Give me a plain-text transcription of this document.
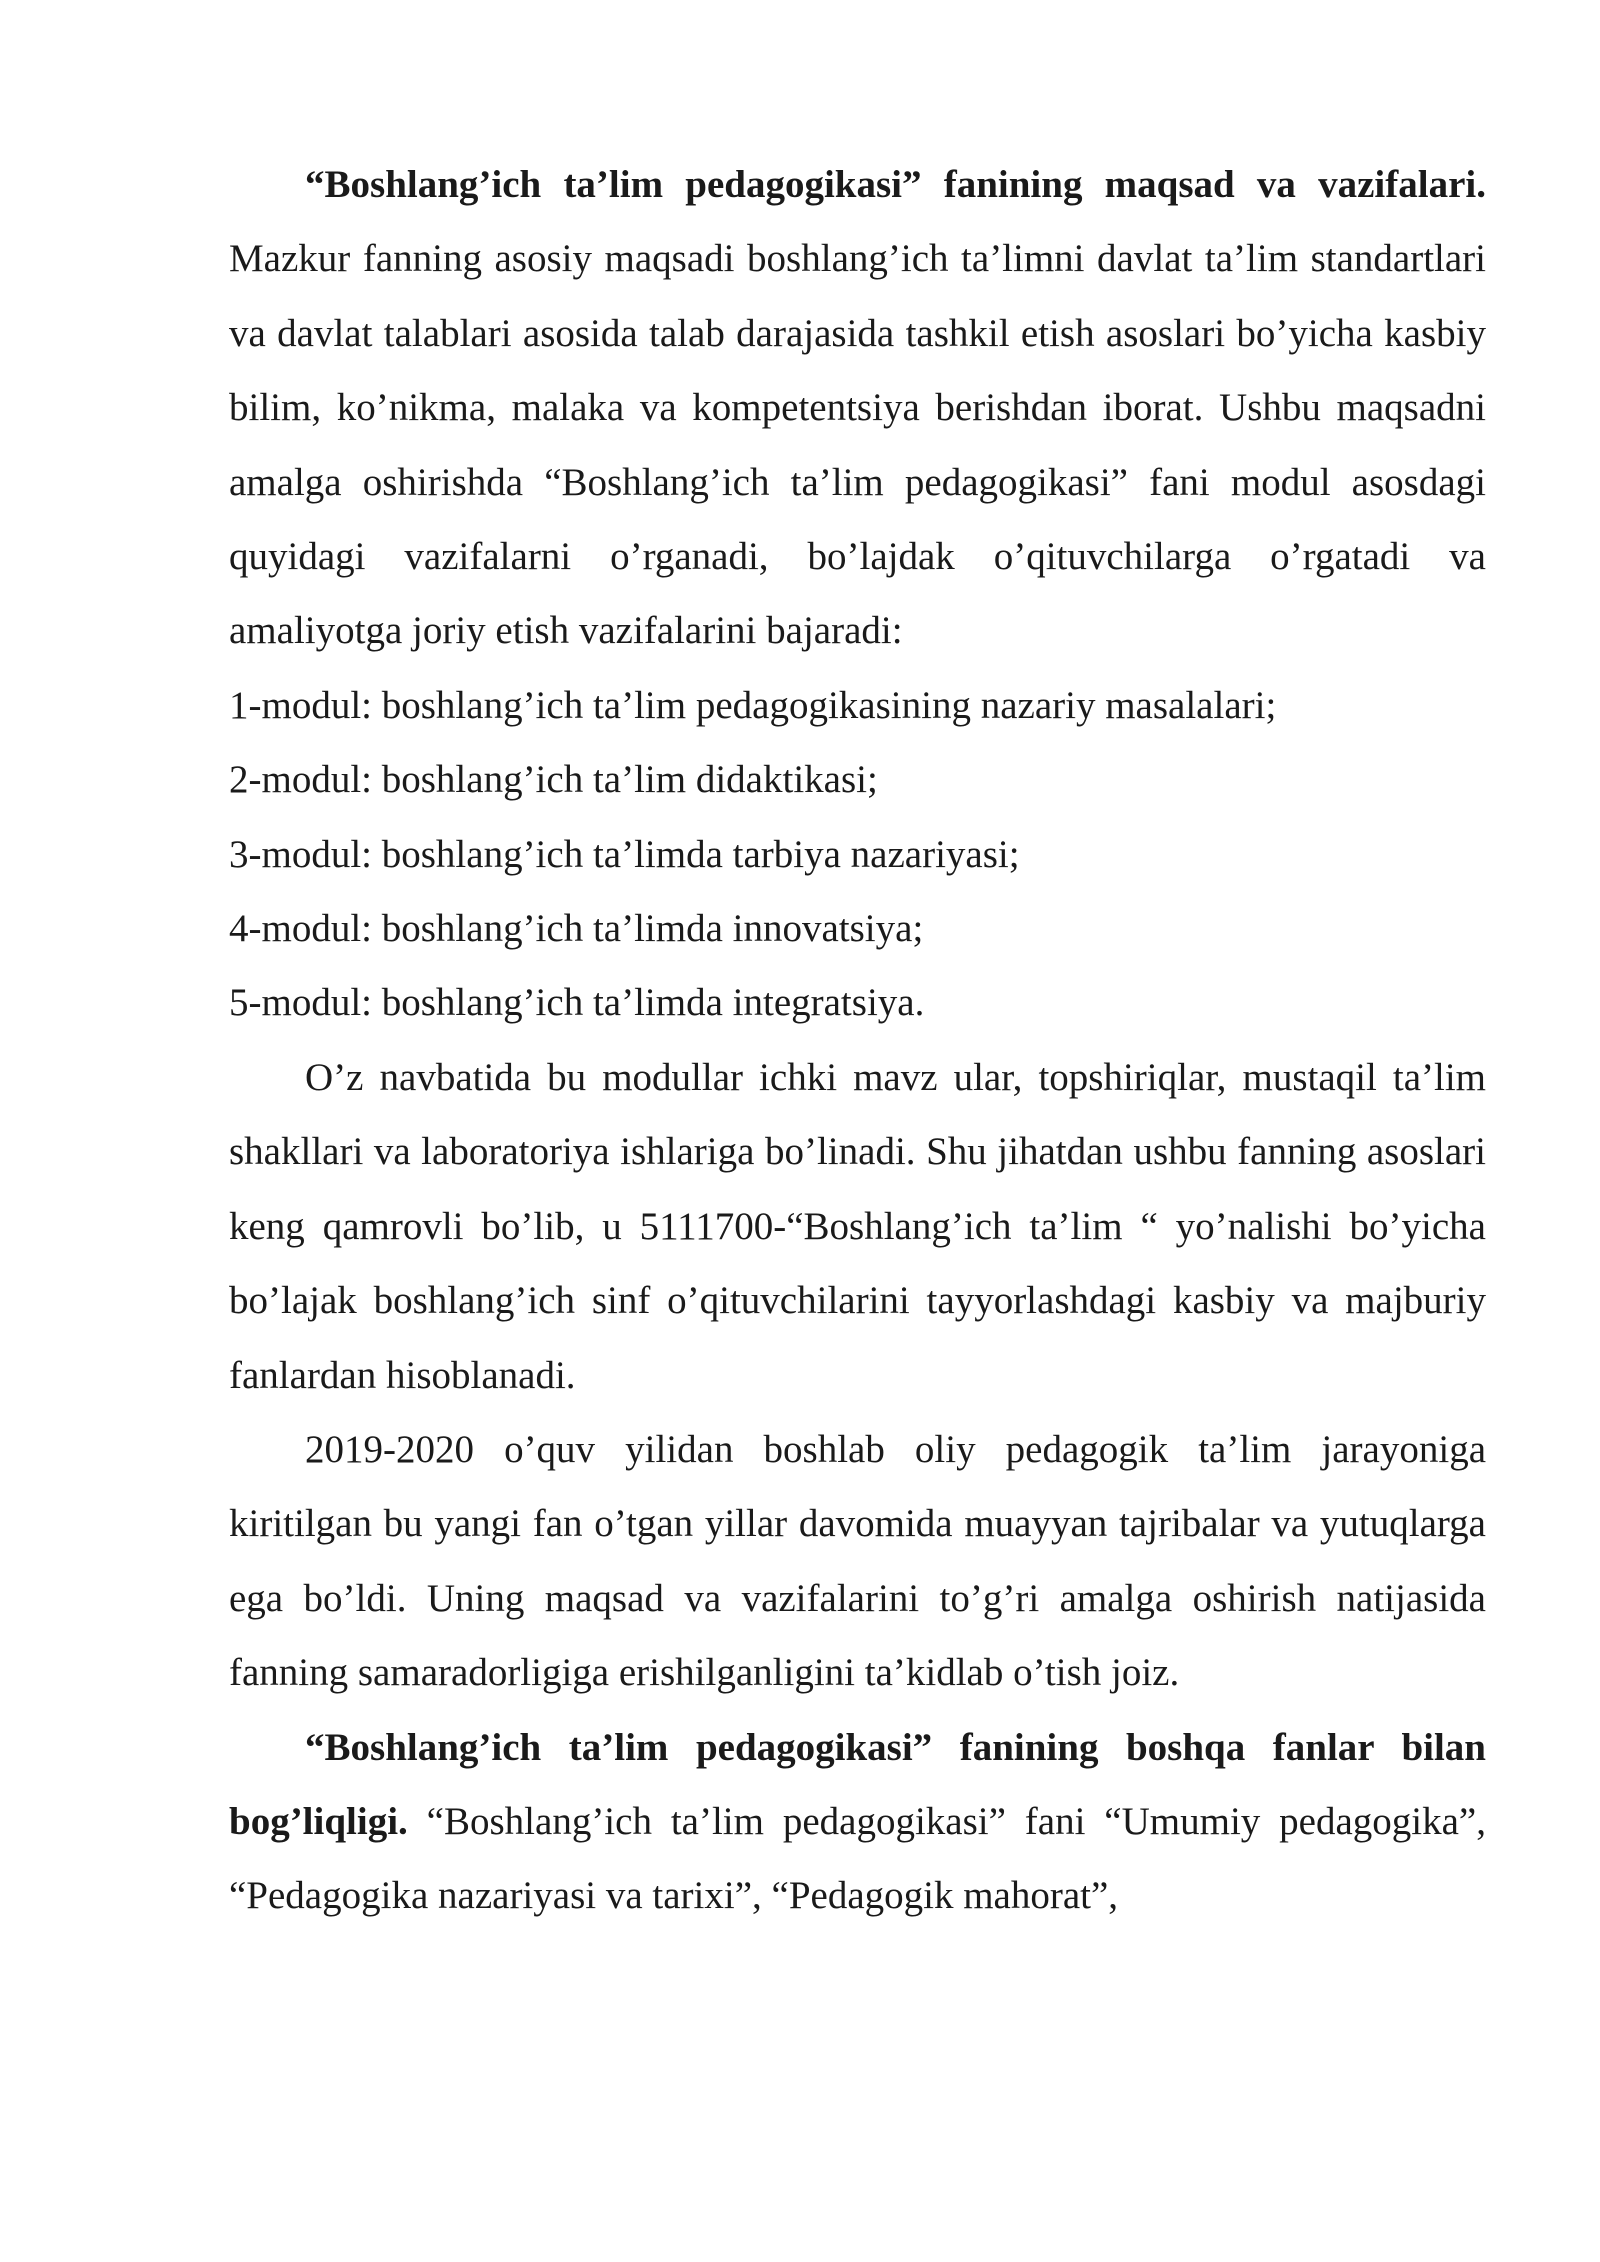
“Boshlang’ich ta’lim pedagogikasi” fanining maqsad va vazifalari. Mazkur fanning asosiy maqsadi boshlang’ich ta’limni davlat ta’lim standartlari va davlat talablari asosida talab darajasida tashkil etish asoslari bo’yicha kasbiy bilim, ko’nikma, malaka va kompetentsiya berishdan iborat. Ushbu maqsadni amalga oshirishda “Boshlang’ich ta’lim pedagogikasi” fani modul asosdagi quyidagi vazifalarni o’rganadi, bo’lajdak o’qituvchilarga o’rgatadi va amaliyotga joriy etish vazifalarini bajaradi:

1-modul: boshlang’ich ta’lim pedagogikasining nazariy masalalari;

2-modul: boshlang’ich ta’lim didaktikasi;

3-modul: boshlang’ich ta’limda tarbiya nazariyasi;

4-modul: boshlang’ich ta’limda innovatsiya;

5-modul: boshlang’ich ta’limda integratsiya.

O’z navbatida bu modullar ichki mavz ular, topshiriqlar, mustaqil ta’lim shakllari va laboratoriya ishlariga bo’linadi. Shu jihatdan ushbu fanning asoslari keng qamrovli bo’lib, u 5111700-“Boshlang’ich ta’lim “ yo’nalishi bo’yicha bo’lajak boshlang’ich sinf o’qituvchilarini tayyorlashdagi kasbiy va majburiy fanlardan hisoblanadi.

2019-2020 o’quv yilidan boshlab oliy pedagogik ta’lim jarayoniga kiritilgan bu yangi fan o’tgan yillar davomida muayyan tajribalar va yutuqlarga ega bo’ldi. Uning maqsad va vazifalarini to’g’ri amalga oshirish natijasida fanning samaradorligiga erishilganligini ta’kidlab o’tish joiz.

“Boshlang’ich ta’lim pedagogikasi” fanining boshqa fanlar bilan bog’liqligi. “Boshlang’ich ta’lim pedagogikasi” fani “Umumiy pedagogika”, “Pedagogika nazariyasi va tarixi”, “Pedagogik mahorat”,
